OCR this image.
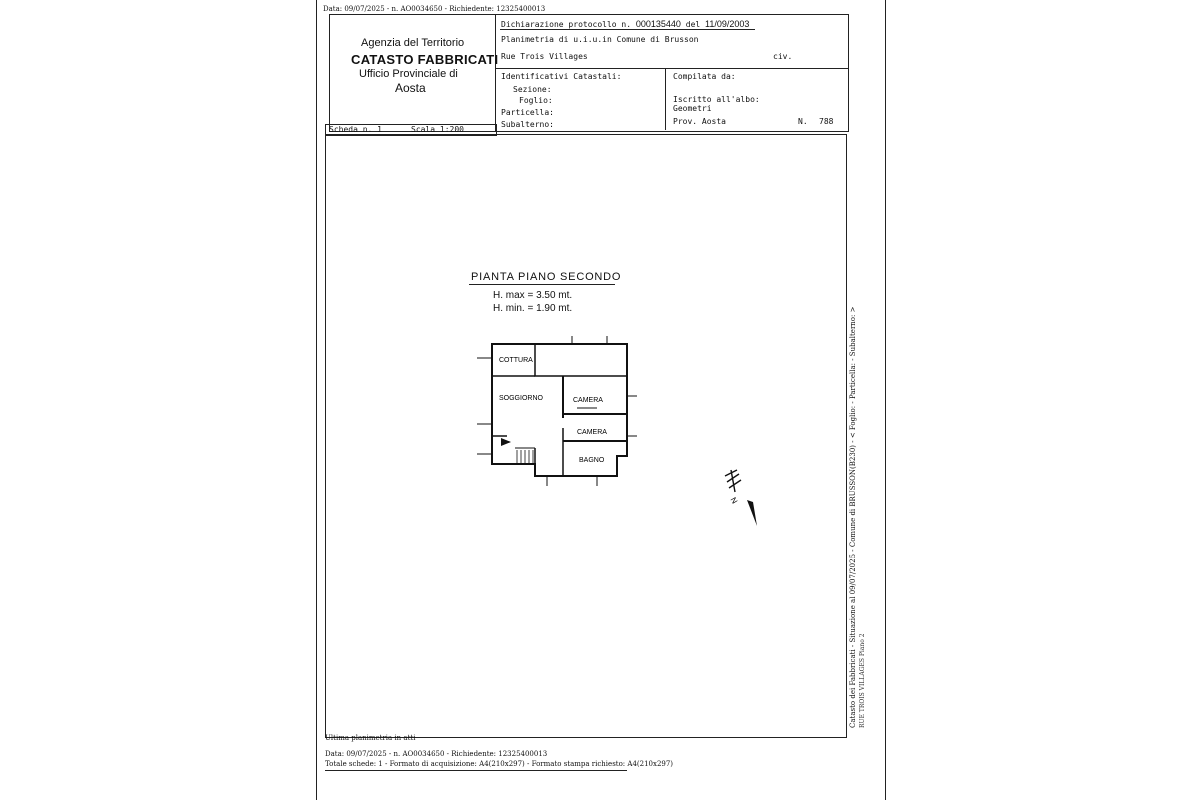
Data: 09/07/2025 - n. AO0034650 - Richiedente: 12325400013
Agenzia del Territorio
CATASTO FABBRICATI
Ufficio Provinciale di
Aosta
Dichiarazione protocollo n. 000135440 del 11/09/2003
Planimetria di u.i.u.in Comune di Brusson
Rue Trois Villages	civ.
Identificativi Catastali:
Sezione:
Foglio:
Particella:
Subalterno:
Compilata da:
Iscritto all'albo:
Geometri
Prov. Aosta	N. 788
Scheda n. 1	Scala 1:200
PIANTA PIANO SECONDO
H. max = 3.50 mt.
H. min. = 1.90 mt.
COTTURA
SOGGIORNO	CAMERA
CAMERA
BAGNO
N
Ultima planimetria in atti
Data: 09/07/2025 - n. AO0034650 - Richiedente: 12325400013
Totale schede: 1 - Formato di acquisizione: A4(210x297) - Formato stampa richiesto: A4(210x297)
Catasto dei Fabbricati - Situazione al 09/07/2025 - Comune di BRUSSON(B230) - < Foglio: - Particella: - Subalterno: > RUE TROIS VILLAGES Piano 2
